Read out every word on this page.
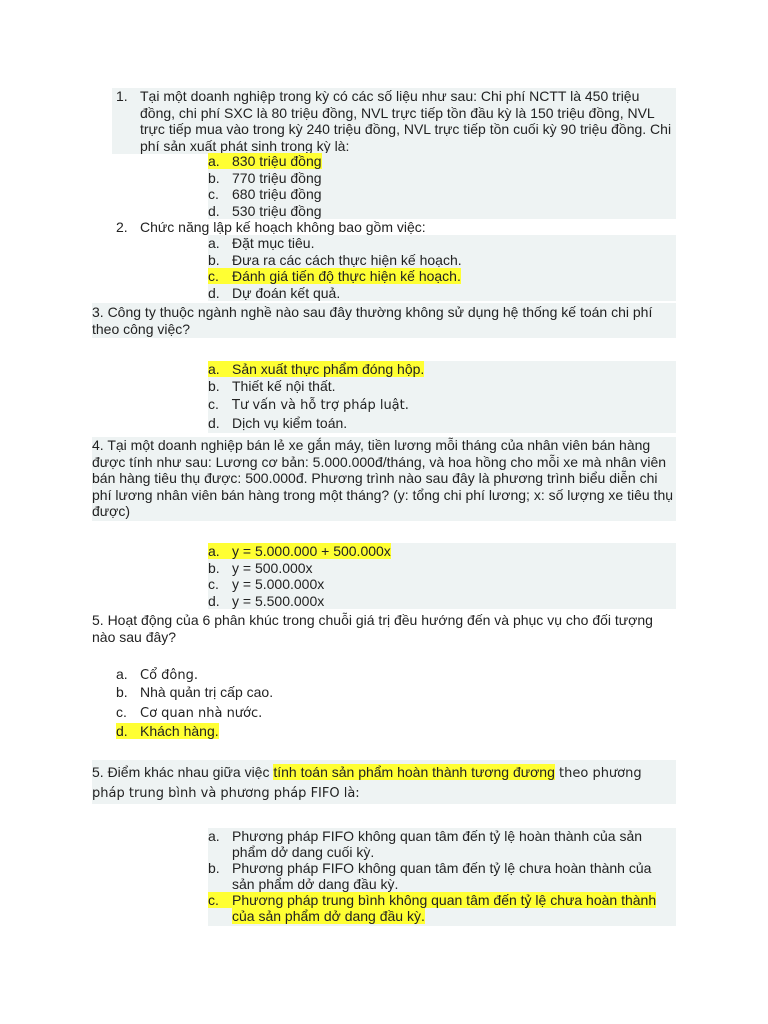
1. Tại một doanh nghiệp trong kỳ có các số liệu như sau: Chi phí NCTT là 450 triệu đồng, chi phí SXC là 80 triệu đồng, NVL trực tiếp tồn đầu kỳ là 150 triệu đồng, NVL trực tiếp mua vào trong kỳ 240 triệu đồng, NVL trực tiếp tồn cuối kỳ 90 triệu đồng. Chi phí sản xuất phát sinh trong kỳ là:
a. 830 triệu đồng
b. 770 triệu đồng
c. 680 triệu đồng
d. 530 triệu đồng
2. Chức năng lập kế hoạch không bao gồm việc:
a. Đặt mục tiêu.
b. Đưa ra các cách thực hiện kế hoạch.
c. Đánh giá tiến độ thực hiện kế hoạch.
d. Dự đoán kết quả.
3. Công ty thuộc ngành nghề nào sau đây thường không sử dụng hệ thống kế toán chi phí theo công việc?
a. Sản xuất thực phẩm đóng hộp.
b. Thiết kế nội thất.
c. Tư vấn và hỗ trợ pháp luật.
d. Dịch vụ kiểm toán.
4. Tại một doanh nghiệp bán lẻ xe gắn máy, tiền lương mỗi tháng của nhân viên bán hàng được tính như sau: Lương cơ bản: 5.000.000đ/tháng, và hoa hồng cho mỗi xe mà nhân viên bán hàng tiêu thụ được: 500.000đ. Phương trình nào sau đây là phương trình biểu diễn chi phí lương nhân viên bán hàng trong một tháng? (y: tổng chi phí lương; x: số lượng xe tiêu thụ được)
a. y = 5.000.000 + 500.000x
b. y = 500.000x
c. y = 5.000.000x
d. y = 5.500.000x
5. Hoạt động của 6 phân khúc trong chuỗi giá trị đều hướng đến và phục vụ cho đối tượng nào sau đây?
a. Cổ đông.
b. Nhà quản trị cấp cao.
c. Cơ quan nhà nước.
d. Khách hàng.
5. Điểm khác nhau giữa việc tính toán sản phẩm hoàn thành tương đương theo phương
pháp trung bình và phương pháp FIFO là:
a. Phương pháp FIFO không quan tâm đến tỷ lệ hoàn thành của sản phẩm dở dang cuối kỳ.
b. Phương pháp FIFO không quan tâm đến tỷ lệ chưa hoàn thành của sản phẩm dở dang đầu kỳ.
c. Phương pháp trung bình không quan tâm đến tỷ lệ chưa hoàn thành của sản phẩm dở dang đầu kỳ.
